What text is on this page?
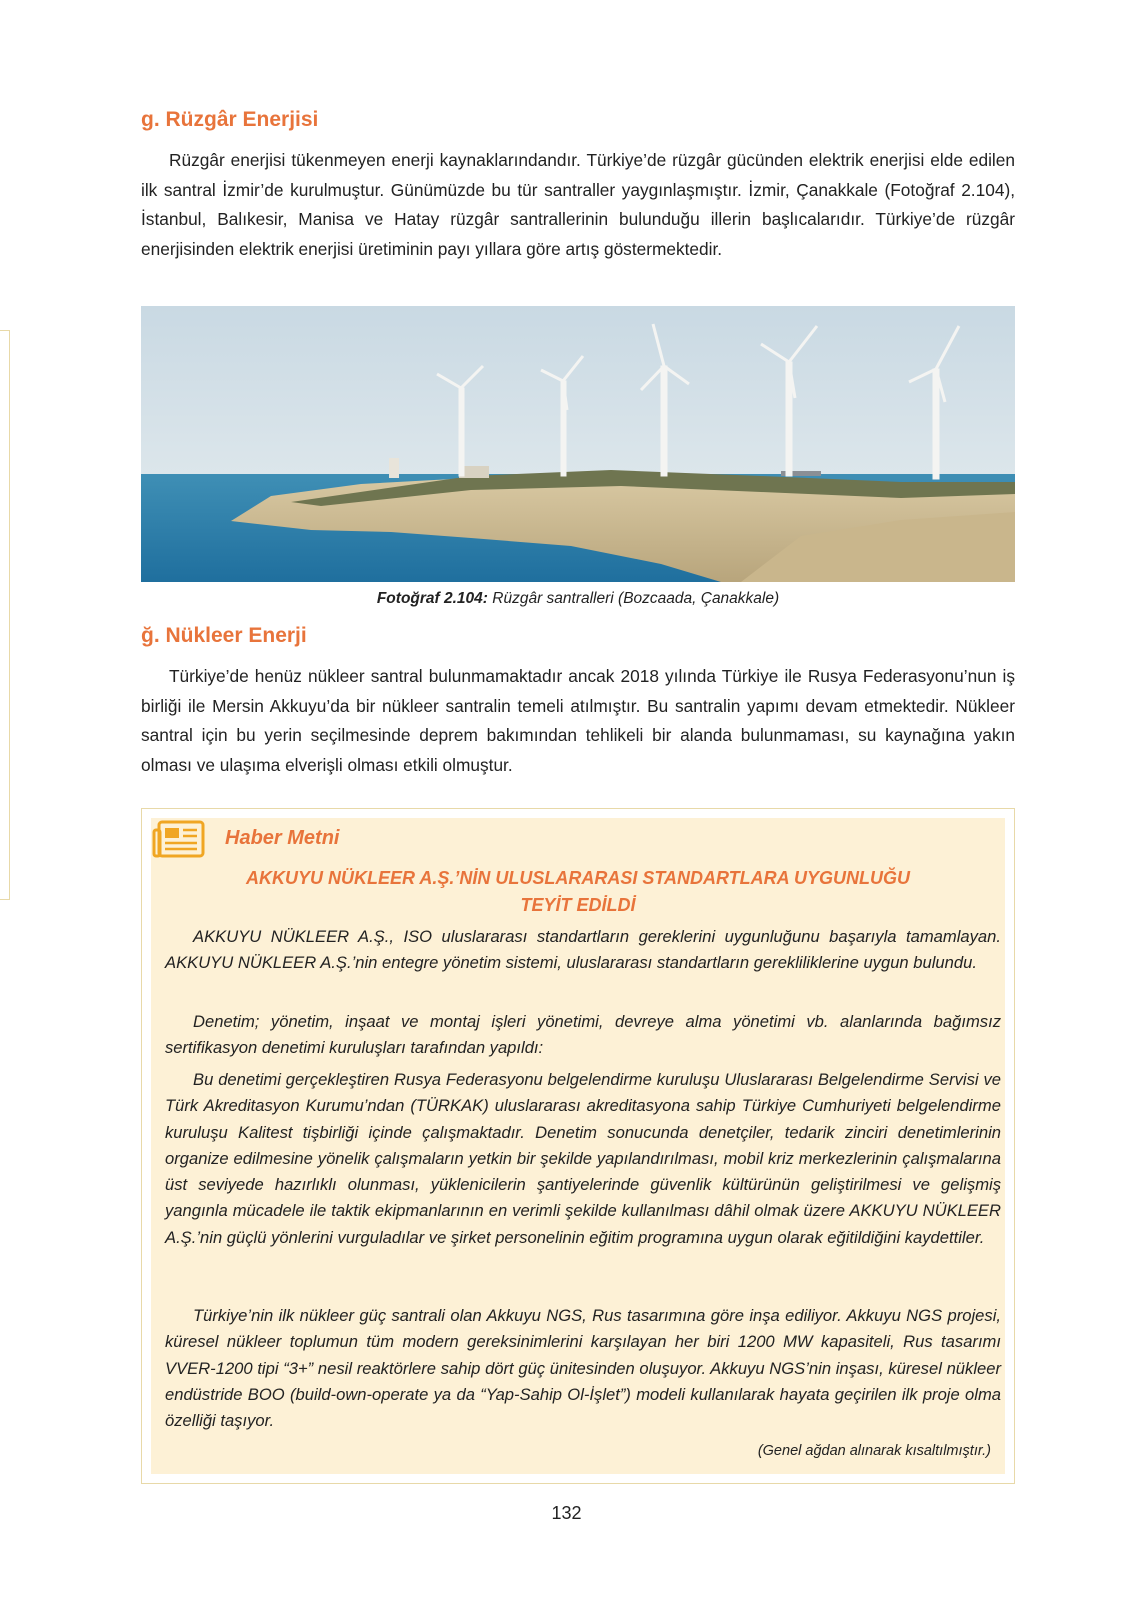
g. Rüzgâr Enerjisi

Rüzgâr enerjisi tükenmeyen enerji kaynaklarındandır. Türkiye’de rüzgâr gücünden elektrik enerjisi elde edilen ilk santral İzmir’de kurulmuştur. Günümüzde bu tür santraller yaygınlaşmıştır. İzmir, Çanakkale (Fotoğraf 2.104), İstanbul, Balıkesir, Manisa ve Hatay rüzgâr santrallerinin bulunduğu illerin başlıcalarıdır. Türkiye’de rüzgâr enerjisinden elektrik enerjisi üretiminin payı yıllara göre artış göstermektedir.

Fotoğraf 2.104: Rüzgâr santralleri (Bozcaada, Çanakkale)

ğ. Nükleer Enerji

Türkiye’de henüz nükleer santral bulunmamaktadır ancak 2018 yılında Türkiye ile Rusya Federasyonu’nun iş birliği ile Mersin Akkuyu’da bir nükleer santralin temeli atılmıştır. Bu santralin yapımı devam etmektedir. Nükleer santral için bu yerin seçilmesinde deprem bakımından tehlikeli bir alanda bulunmaması, su kaynağına yakın olması ve ulaşıma elverişli olması etkili olmuştur.

Haber Metni

AKKUYU NÜKLEER A.Ş.’NİN ULUSLARARASI STANDARTLARA UYGUNLUĞU TEYİT EDİLDİ

AKKUYU NÜKLEER A.Ş., ISO uluslararası standartların gereklerini uygunluğunu başarıyla tamamlayan. AKKUYU NÜKLEER A.Ş.’nin entegre yönetim sistemi, uluslararası standartların gerekliliklerine uygun bulundu.

Denetim; yönetim, inşaat ve montaj işleri yönetimi, devreye alma yönetimi vb. alanlarında bağımsız sertifikasyon denetimi kuruluşları tarafından yapıldı:

Bu denetimi gerçekleştiren Rusya Federasyonu belgelendirme kuruluşu Uluslararası Belgelendirme Servisi ve Türk Akreditasyon Kurumu’ndan (TÜRKAK) uluslararası akreditasyona sahip Türkiye Cumhuriyeti belgelendirme kuruluşu Kalitest tişbirliği içinde çalışmaktadır. Denetim sonucunda denetçiler, tedarik zinciri denetimlerinin organize edilmesine yönelik çalışmaların yetkin bir şekilde yapılandırılması, mobil kriz merkezlerinin çalışmalarına üst seviyede hazırlıklı olunması, yüklenicilerin şantiyelerinde güvenlik kültürünün geliştirilmesi ve gelişmiş yangınla mücadele ile taktik ekipmanlarının en verimli şekilde kullanılması dâhil olmak üzere AKKUYU NÜKLEER A.Ş.’nin güçlü yönlerini vurguladılar ve şirket personelinin eğitim programına uygun olarak eğitildiğini kaydettiler.

Türkiye’nin ilk nükleer güç santrali olan Akkuyu NGS, Rus tasarımına göre inşa ediliyor. Akkuyu NGS projesi, küresel nükleer toplumun tüm modern gereksinimlerini karşılayan her biri 1200 MW kapasiteli, Rus tasarımı VVER-1200 tipi “3+” nesil reaktörlere sahip dört güç ünitesinden oluşuyor. Akkuyu NGS’nin inşası, küresel nükleer endüstride BOO (build-own-operate ya da “Yap-Sahip Ol-İşlet”) modeli kullanılarak hayata geçirilen ilk proje olma özelliği taşıyor.

(Genel ağdan alınarak kısaltılmıştır.)

132
